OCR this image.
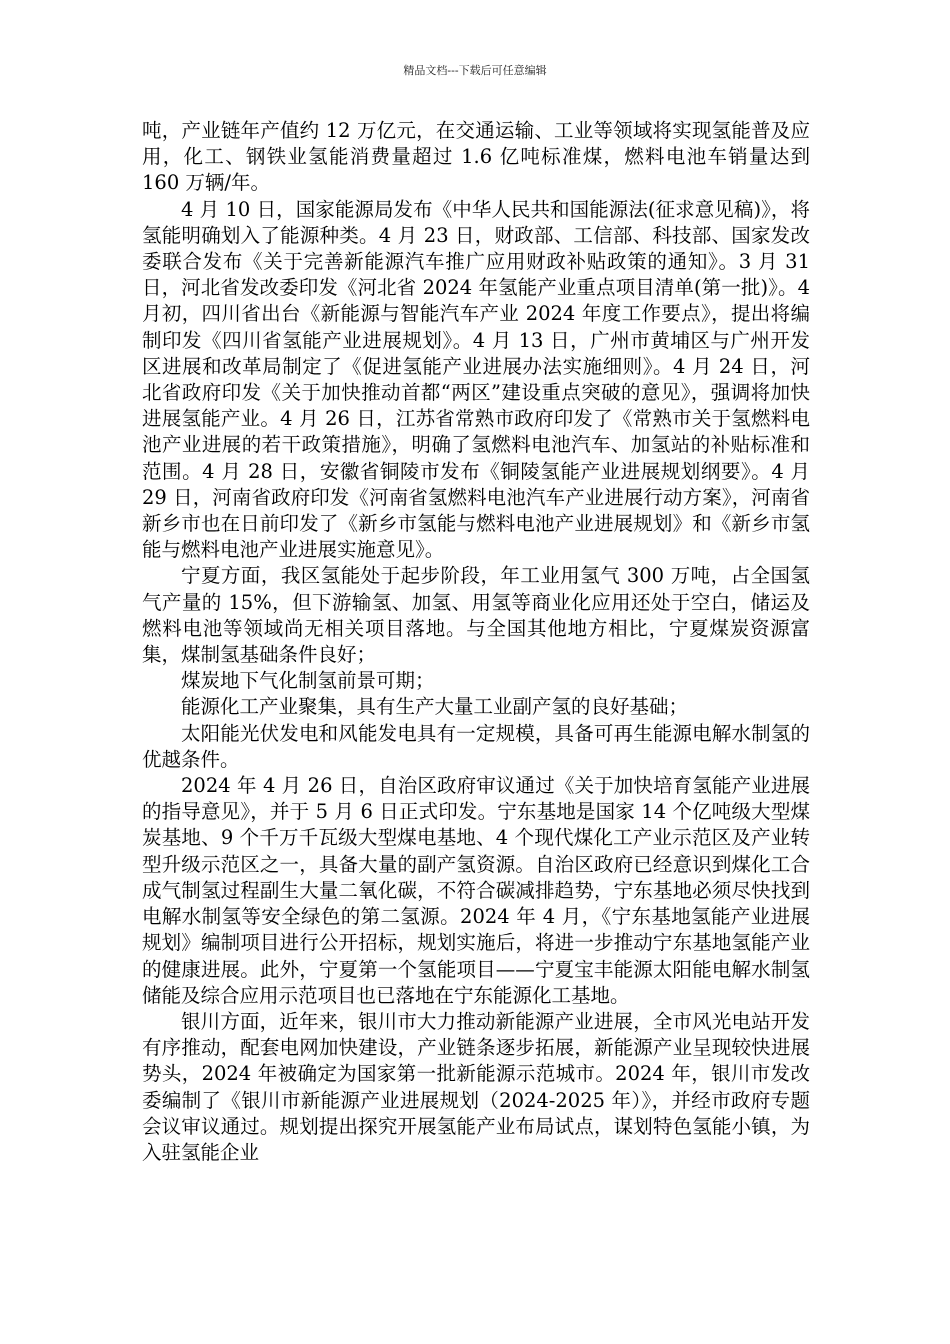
精品文档---下载后可任意编辑

吨，产业链年产值约 12 万亿元，在交通运输、工业等领域将实现氢能普及应用，化工、钢铁业氢能消费量超过 1.6 亿吨标准煤，燃料电池车销量达到 160 万辆/年。

4 月 10 日，国家能源局发布《中华人民共和国能源法(征求意见稿)》，将氢能明确划入了能源种类。4 月 23 日，财政部、工信部、科技部、国家发改委联合发布《关于完善新能源汽车推广应用财政补贴政策的通知》。3 月 31 日，河北省发改委印发《河北省 2024 年氢能产业重点项目清单(第一批)》。4 月初，四川省出台《新能源与智能汽车产业 2024 年度工作要点》，提出将编制印发《四川省氢能产业进展规划》。4 月 13 日，广州市黄埔区与广州开发区进展和改革局制定了《促进氢能产业进展办法实施细则》。4 月 24 日，河北省政府印发《关于加快推动首都“两区”建设重点突破的意见》，强调将加快进展氢能产业。4 月 26 日，江苏省常熟市政府印发了《常熟市关于氢燃料电池产业进展的若干政策措施》，明确了氢燃料电池汽车、加氢站的补贴标准和范围。4 月 28 日，安徽省铜陵市发布《铜陵氢能产业进展规划纲要》。4 月 29 日，河南省政府印发《河南省氢燃料电池汽车产业进展行动方案》，河南省新乡市也在日前印发了《新乡市氢能与燃料电池产业进展规划》和《新乡市氢能与燃料电池产业进展实施意见》。

宁夏方面，我区氢能处于起步阶段，年工业用氢气 300 万吨，占全国氢气产量的 15%，但下游输氢、加氢、用氢等商业化应用还处于空白，储运及燃料电池等领域尚无相关项目落地。与全国其他地方相比，宁夏煤炭资源富集，煤制氢基础条件良好；

煤炭地下气化制氢前景可期；

能源化工产业聚集，具有生产大量工业副产氢的良好基础；

太阳能光伏发电和风能发电具有一定规模，具备可再生能源电解水制氢的优越条件。

2024 年 4 月 26 日，自治区政府审议通过《关于加快培育氢能产业进展的指导意见》，并于 5 月 6 日正式印发。宁东基地是国家 14 个亿吨级大型煤炭基地、9 个千万千瓦级大型煤电基地、4 个现代煤化工产业示范区及产业转型升级示范区之一，具备大量的副产氢资源。自治区政府已经意识到煤化工合成气制氢过程副生大量二氧化碳，不符合碳减排趋势，宁东基地必须尽快找到电解水制氢等安全绿色的第二氢源。2024 年 4 月，《宁东基地氢能产业进展规划》编制项目进行公开招标，规划实施后，将进一步推动宁东基地氢能产业的健康进展。此外，宁夏第一个氢能项目——宁夏宝丰能源太阳能电解水制氢储能及综合应用示范项目也已落地在宁东能源化工基地。

银川方面，近年来，银川市大力推动新能源产业进展，全市风光电站开发有序推动，配套电网加快建设，产业链条逐步拓展，新能源产业呈现较快进展势头，2024 年被确定为国家第一批新能源示范城市。2024 年，银川市发改委编制了《银川市新能源产业进展规划（2024-2025 年）》，并经市政府专题会议审议通过。规划提出探究开展氢能产业布局试点，谋划特色氢能小镇，为入驻氢能企业
